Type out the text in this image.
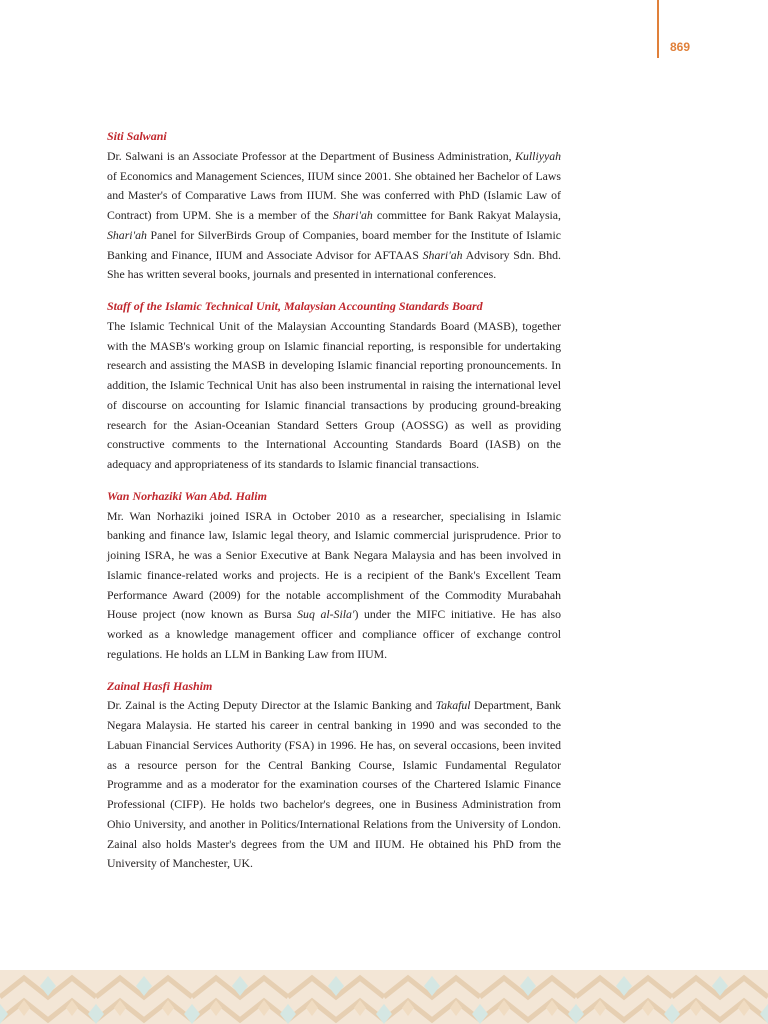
869
Siti Salwani

Dr. Salwani is an Associate Professor at the Department of Business Administration, Kulliyyah of Economics and Management Sciences, IIUM since 2001. She obtained her Bachelor of Laws and Master's of Comparative Laws from IIUM. She was conferred with PhD (Islamic Law of Contract) from UPM. She is a member of the Shari'ah committee for Bank Rakyat Malaysia, Shari'ah Panel for SilverBirds Group of Companies, board member for the Institute of Islamic Banking and Finance, IIUM and Associate Advisor for AFTAAS Shari'ah Advisory Sdn. Bhd. She has written several books, journals and presented in international conferences.

Staff of the Islamic Technical Unit, Malaysian Accounting Standards Board

The Islamic Technical Unit of the Malaysian Accounting Standards Board (MASB), together with the MASB's working group on Islamic financial reporting, is responsible for undertaking research and assisting the MASB in developing Islamic financial reporting pronouncements. In addition, the Islamic Technical Unit has also been instrumental in raising the international level of discourse on accounting for Islamic financial transactions by producing ground-breaking research for the Asian-Oceanian Standard Setters Group (AOSSG) as well as providing constructive comments to the International Accounting Standards Board (IASB) on the adequacy and appropriateness of its standards to Islamic financial transactions.

Wan Norhaziki Wan Abd. Halim

Mr. Wan Norhaziki joined ISRA in October 2010 as a researcher, specialising in Islamic banking and finance law, Islamic legal theory, and Islamic commercial jurisprudence. Prior to joining ISRA, he was a Senior Executive at Bank Negara Malaysia and has been involved in Islamic finance-related works and projects. He is a recipient of the Bank's Excellent Team Performance Award (2009) for the notable accomplishment of the Commodity Murabahah House project (now known as Bursa Suq al-Sila') under the MIFC initiative. He has also worked as a knowledge management officer and compliance officer of exchange control regulations. He holds an LLM in Banking Law from IIUM.

Zainal Hasfi Hashim

Dr. Zainal is the Acting Deputy Director at the Islamic Banking and Takaful Department, Bank Negara Malaysia. He started his career in central banking in 1990 and was seconded to the Labuan Financial Services Authority (FSA) in 1996. He has, on several occasions, been invited as a resource person for the Central Banking Course, Islamic Fundamental Regulator Programme and as a moderator for the examination courses of the Chartered Islamic Finance Professional (CIFP). He holds two bachelor's degrees, one in Business Administration from Ohio University, and another in Politics/International Relations from the University of London. Zainal also holds Master's degrees from the UM and IIUM. He obtained his PhD from the University of Manchester, UK.
